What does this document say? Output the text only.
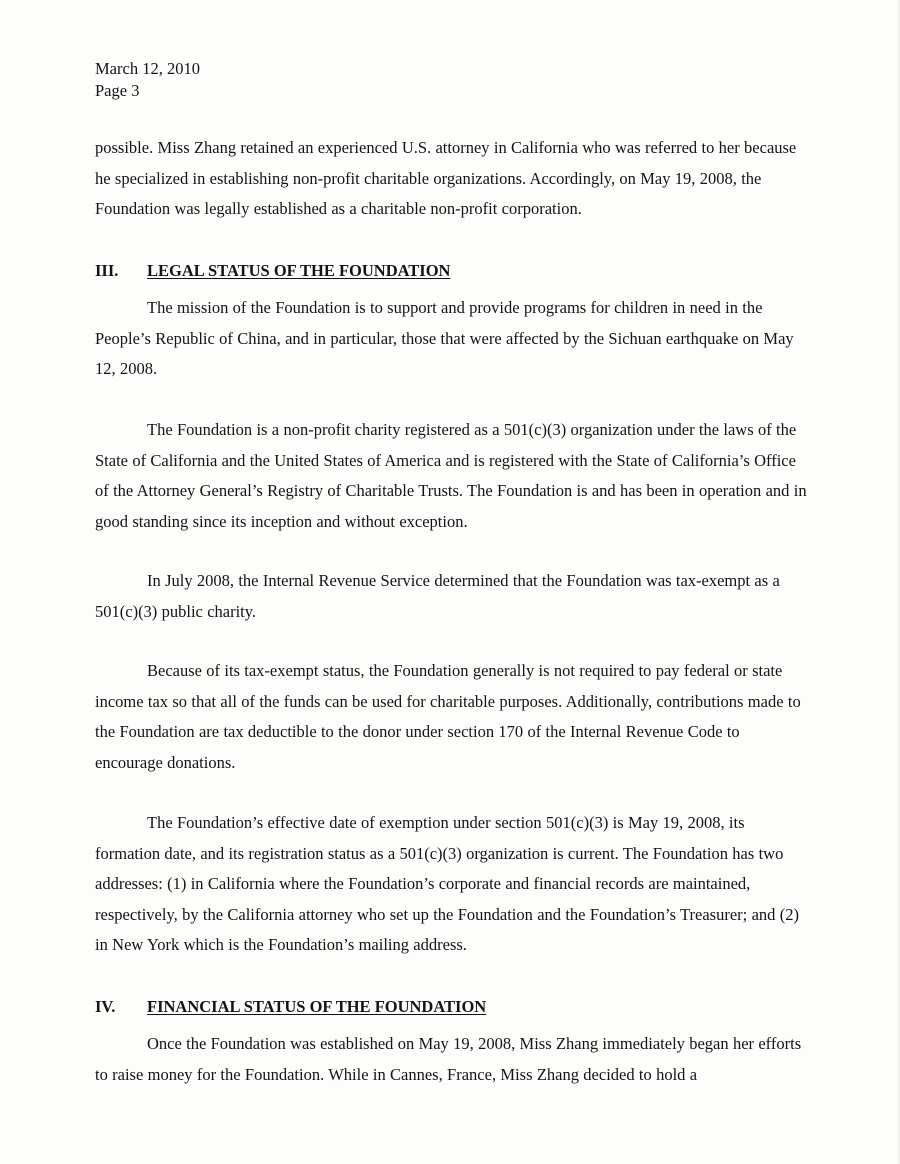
March 12, 2010
Page 3

possible. Miss Zhang retained an experienced U.S. attorney in California who was referred to her because he specialized in establishing non-profit charitable organizations. Accordingly, on May 19, 2008, the Foundation was legally established as a charitable non-profit corporation.

III. LEGAL STATUS OF THE FOUNDATION

The mission of the Foundation is to support and provide programs for children in need in the People’s Republic of China, and in particular, those that were affected by the Sichuan earthquake on May 12, 2008.

The Foundation is a non-profit charity registered as a 501(c)(3) organization under the laws of the State of California and the United States of America and is registered with the State of California’s Office of the Attorney General’s Registry of Charitable Trusts. The Foundation is and has been in operation and in good standing since its inception and without exception.

In July 2008, the Internal Revenue Service determined that the Foundation was tax-exempt as a 501(c)(3) public charity.

Because of its tax-exempt status, the Foundation generally is not required to pay federal or state income tax so that all of the funds can be used for charitable purposes. Additionally, contributions made to the Foundation are tax deductible to the donor under section 170 of the Internal Revenue Code to encourage donations.

The Foundation’s effective date of exemption under section 501(c)(3) is May 19, 2008, its formation date, and its registration status as a 501(c)(3) organization is current. The Foundation has two addresses: (1) in California where the Foundation’s corporate and financial records are maintained, respectively, by the California attorney who set up the Foundation and the Foundation’s Treasurer; and (2) in New York which is the Foundation’s mailing address.

IV. FINANCIAL STATUS OF THE FOUNDATION

Once the Foundation was established on May 19, 2008, Miss Zhang immediately began her efforts to raise money for the Foundation. While in Cannes, France, Miss Zhang decided to hold a
